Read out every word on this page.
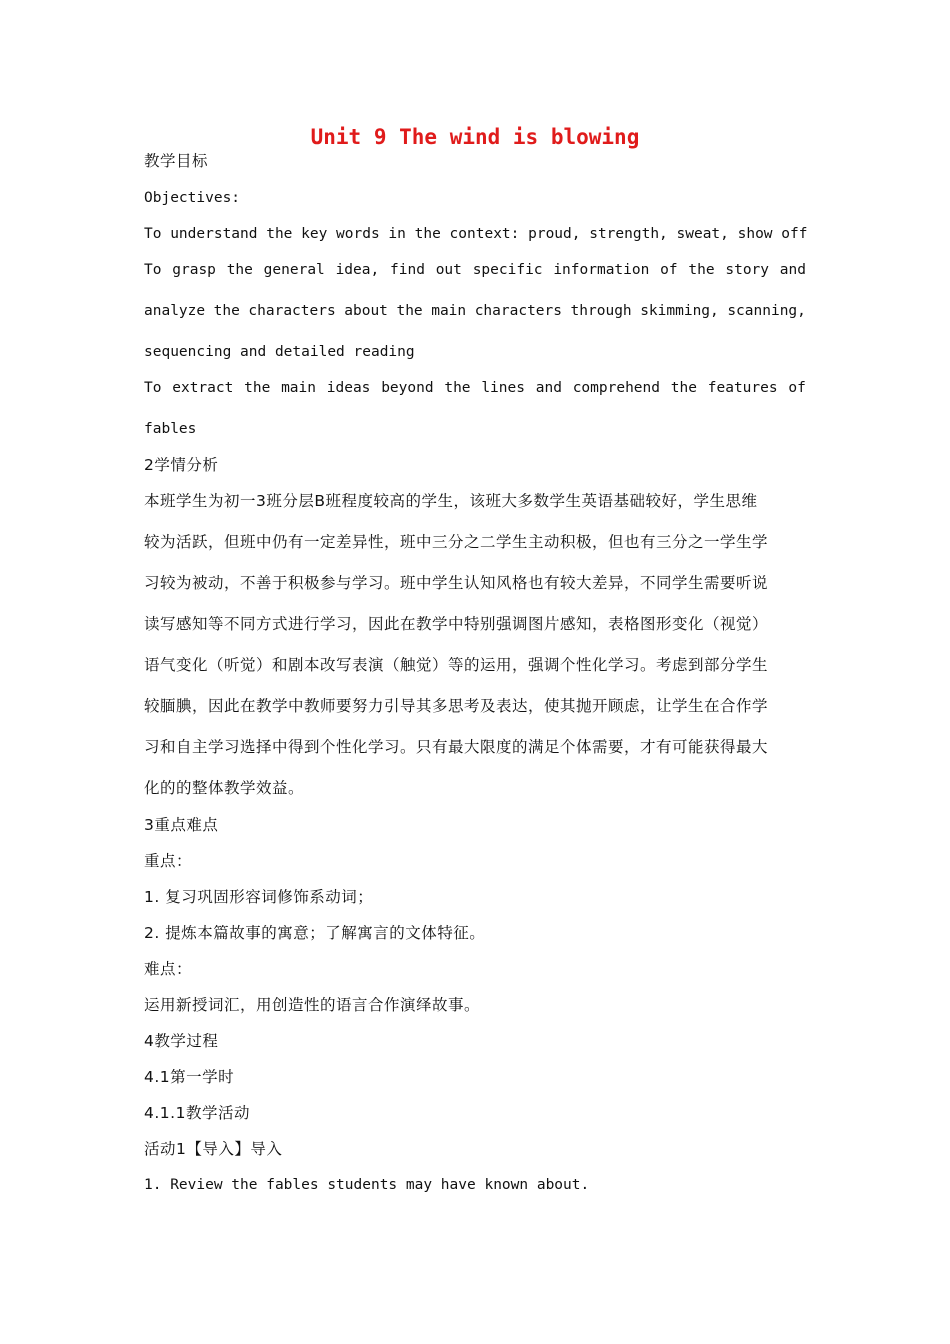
Unit 9 The wind is blowing
教学目标
Objectives:
To understand the key words in the context: proud, strength, sweat, show off
To grasp the general idea, find out specific information of the story and
analyze the characters about the main characters through skimming, scanning,
sequencing and detailed reading
To extract the main ideas beyond the lines and comprehend the features of
fables
2学情分析
本班学生为初一3班分层B班程度较高的学生，该班大多数学生英语基础较好，学生思维
较为活跃，但班中仍有一定差异性，班中三分之二学生主动积极，但也有三分之一学生学
习较为被动，不善于积极参与学习。班中学生认知风格也有较大差异，不同学生需要听说
读写感知等不同方式进行学习，因此在教学中特别强调图片感知，表格图形变化（视觉）
语气变化（听觉）和剧本改写表演（触觉）等的运用，强调个性化学习。考虑到部分学生
较腼腆，因此在教学中教师要努力引导其多思考及表达，使其抛开顾虑，让学生在合作学
习和自主学习选择中得到个性化学习。只有最大限度的满足个体需要，才有可能获得最大
化的的整体教学效益。
3重点难点
重点：
1. 复习巩固形容词修饰系动词；
2. 提炼本篇故事的寓意；了解寓言的文体特征。
难点：
运用新授词汇，用创造性的语言合作演绎故事。
4教学过程
4.1第一学时
4.1.1教学活动
活动1【导入】导入
1. Review the fables students may have known about.
